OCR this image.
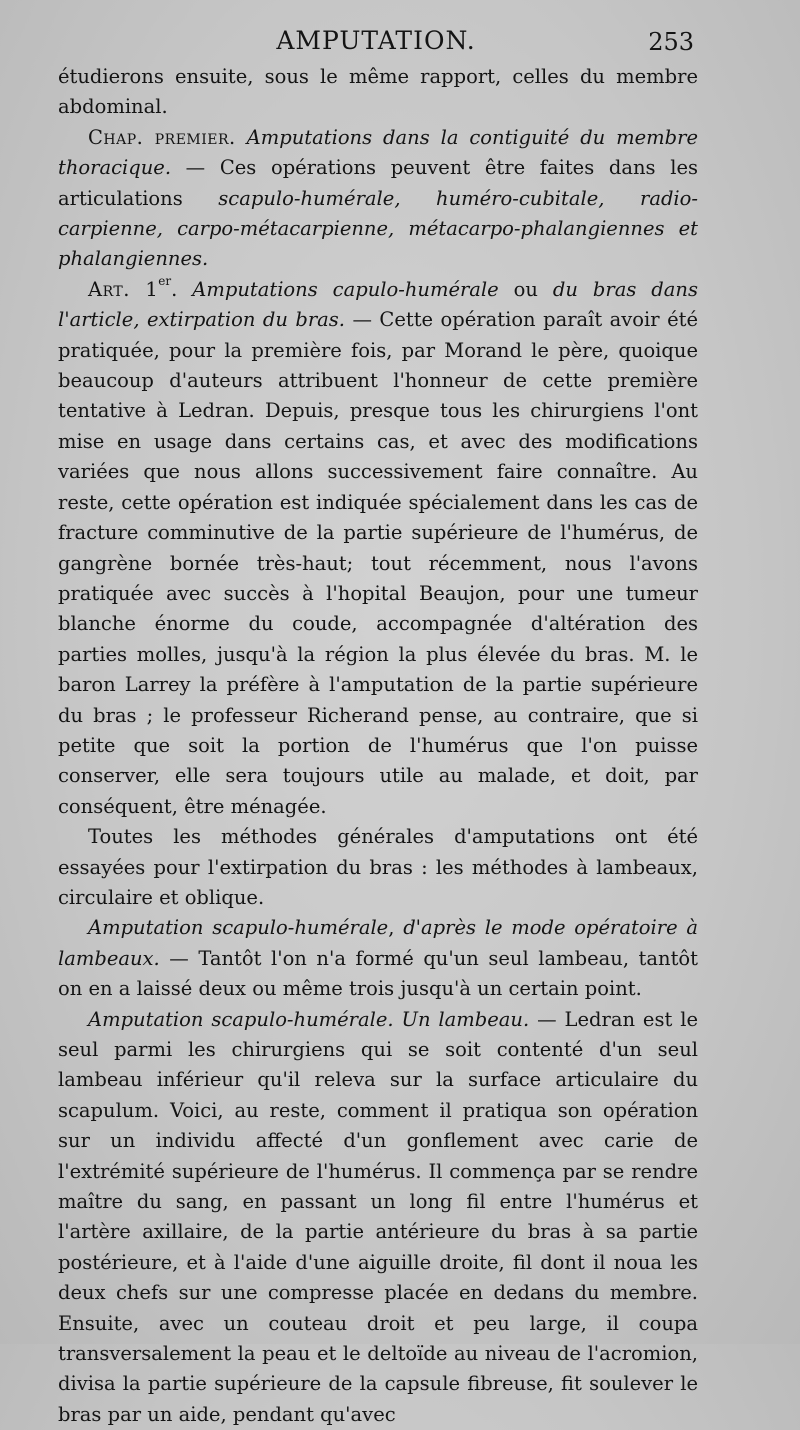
AMPUTATION.	253

étudierons ensuite, sous le même rapport, celles du membre abdominal.

Chap. premier. Amputations dans la contiguité du membre thoracique. — Ces opérations peuvent être faites dans les articulations scapulo-humérale, huméro-cubitale, radio-carpienne, carpo-métacarpienne, métacarpo-phalangiennes et phalangiennes.

Art. 1er. Amputations capulo-humérale ou du bras dans l'article, extirpation du bras. — Cette opération paraît avoir été pratiquée, pour la première fois, par Morand le père, quoique beaucoup d'auteurs attribuent l'honneur de cette première tentative à Ledran. Depuis, presque tous les chirurgiens l'ont mise en usage dans certains cas, et avec des modifications variées que nous allons successivement faire connaître. Au reste, cette opération est indiquée spécialement dans les cas de fracture comminutive de la partie supérieure de l'humérus, de gangrène bornée très-haut; tout récemment, nous l'avons pratiquée avec succès à l'hopital Beaujon, pour une tumeur blanche énorme du coude, accompagnée d'altération des parties molles, jusqu'à la région la plus élevée du bras. M. le baron Larrey la préfère à l'amputation de la partie supérieure du bras ; le professeur Richerand pense, au contraire, que si petite que soit la portion de l'humérus que l'on puisse conserver, elle sera toujours utile au malade, et doit, par conséquent, être ménagée.

Toutes les méthodes générales d'amputations ont été essayées pour l'extirpation du bras : les méthodes à lambeaux, circulaire et oblique.

Amputation scapulo-humérale, d'après le mode opératoire à lambeaux. — Tantôt l'on n'a formé qu'un seul lambeau, tantôt on en a laissé deux ou même trois jusqu'à un certain point.

Amputation scapulo-humérale. Un lambeau. — Ledran est le seul parmi les chirurgiens qui se soit contenté d'un seul lambeau inférieur qu'il releva sur la surface articulaire du scapulum. Voici, au reste, comment il pratiqua son opération sur un individu affecté d'un gonflement avec carie de l'extrémité supérieure de l'humérus. Il commença par se rendre maître du sang, en passant un long fil entre l'humérus et l'artère axillaire, de la partie antérieure du bras à sa partie postérieure, et à l'aide d'une aiguille droite, fil dont il noua les deux chefs sur une compresse placée en dedans du membre. Ensuite, avec un couteau droit et peu large, il coupa transversalement la peau et le deltoïde au niveau de l'acromion, divisa la partie supérieure de la capsule fibreuse, fit soulever le bras par un aide, pendant qu'avec
